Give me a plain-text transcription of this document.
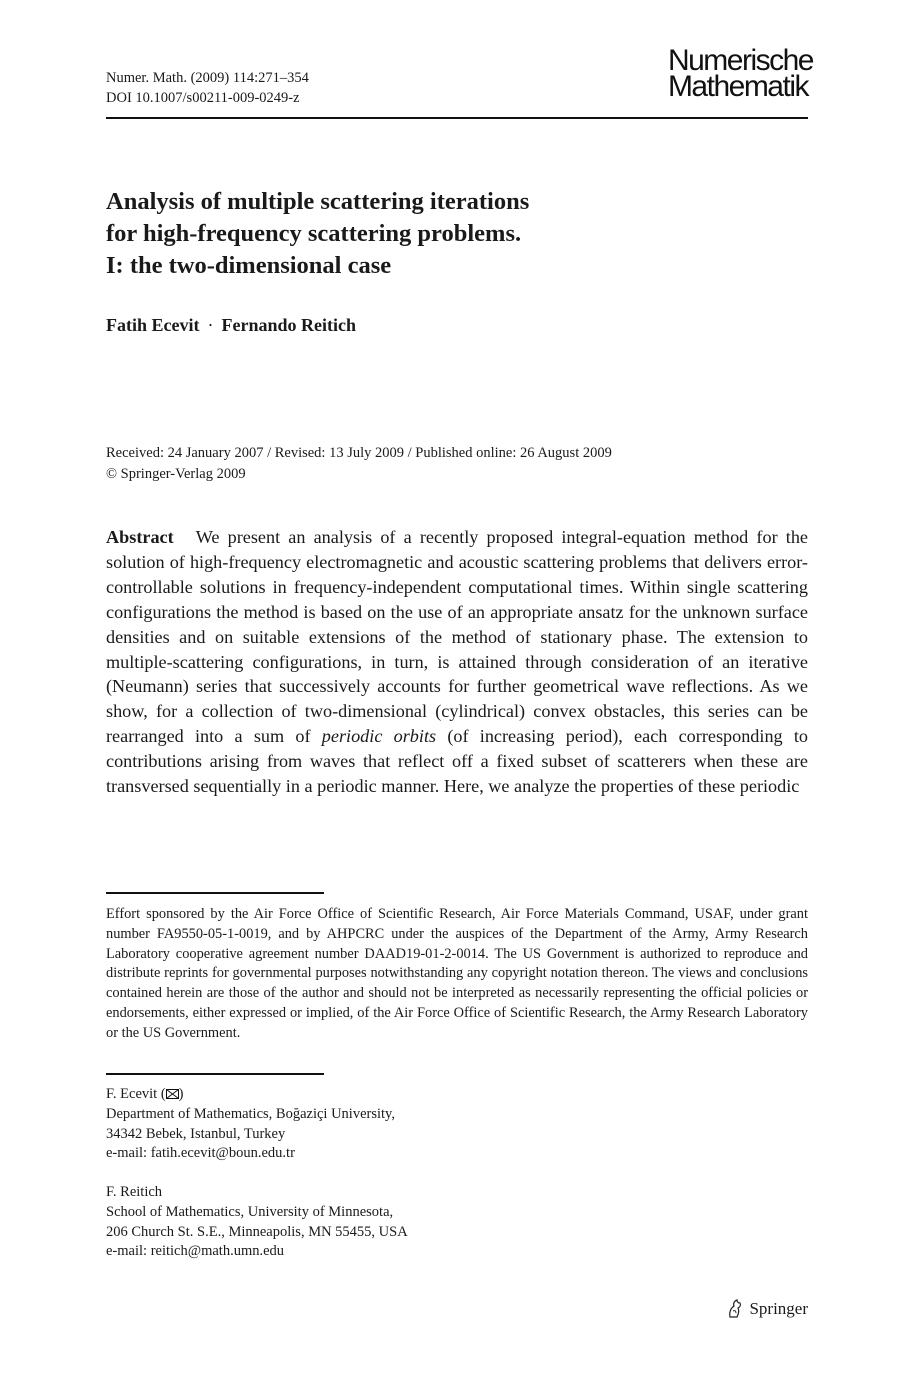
Numer. Math. (2009) 114:271–354
DOI 10.1007/s00211-009-0249-z
Numerische
Mathematik
Analysis of multiple scattering iterations
for high-frequency scattering problems.
I: the two-dimensional case
Fatih Ecevit · Fernando Reitich
Received: 24 January 2007 / Revised: 13 July 2009 / Published online: 26 August 2009
© Springer-Verlag 2009
Abstract We present an analysis of a recently proposed integral-equation method for the solution of high-frequency electromagnetic and acoustic scattering problems that delivers error-controllable solutions in frequency-independent computational times. Within single scattering configurations the method is based on the use of an appropriate ansatz for the unknown surface densities and on suitable extensions of the method of stationary phase. The extension to multiple-scattering configurations, in turn, is attained through consideration of an iterative (Neumann) series that successively accounts for further geometrical wave reflections. As we show, for a collection of two-dimensional (cylindrical) convex obstacles, this series can be rearranged into a sum of periodic orbits (of increasing period), each corresponding to contributions arising from waves that reflect off a fixed subset of scatterers when these are transversed sequentially in a periodic manner. Here, we analyze the properties of these periodic
Effort sponsored by the Air Force Office of Scientific Research, Air Force Materials Command, USAF, under grant number FA9550-05-1-0019, and by AHPCRC under the auspices of the Department of the Army, Army Research Laboratory cooperative agreement number DAAD19-01-2-0014. The US Government is authorized to reproduce and distribute reprints for governmental purposes notwithstanding any copyright notation thereon. The views and conclusions contained herein are those of the author and should not be interpreted as necessarily representing the official policies or endorsements, either expressed or implied, of the Air Force Office of Scientific Research, the Army Research Laboratory or the US Government.
F. Ecevit ( )
Department of Mathematics, Boğaziçi University,
34342 Bebek, Istanbul, Turkey
e-mail: fatih.ecevit@boun.edu.tr
F. Reitich
School of Mathematics, University of Minnesota,
206 Church St. S.E., Minneapolis, MN 55455, USA
e-mail: reitich@math.umn.edu
Springer
